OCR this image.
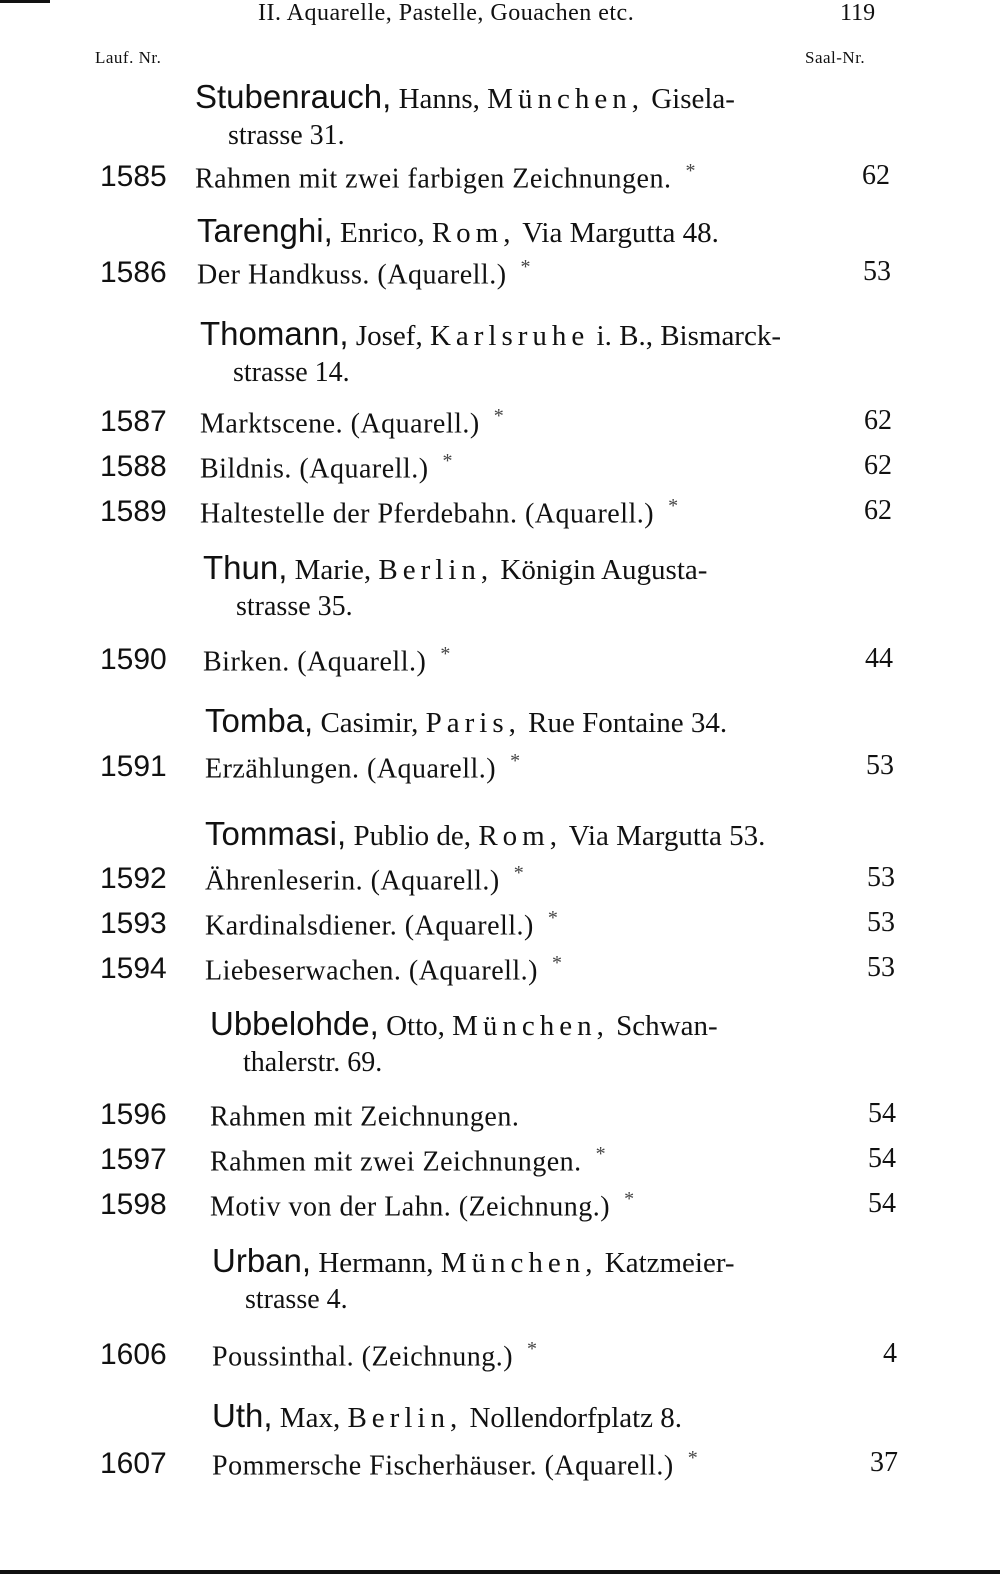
II. Aquarelle, Pastelle, Gouachen etc.	119
Lauf. Nr.	Saal-Nr.
Stubenrauch, Hanns, München, Gisela-
strasse 31.
1585 Rahmen mit zwei farbigen Zeichnungen. *	62
Tarenghi, Enrico, Rom, Via Margutta 48.
1586 Der Handkuss. (Aquarell.) *	53
Thomann, Josef, Karlsruhe i. B., Bismarck-
strasse 14.
1587 Marktscene. (Aquarell.) *	62
1588 Bildnis. (Aquarell.) *	62
1589 Haltestelle der Pferdebahn. (Aquarell.) *	62
Thun, Marie, Berlin, Königin Augusta-
strasse 35.
1590 Birken. (Aquarell.) *	44
Tomba, Casimir, Paris, Rue Fontaine 34.
1591 Erzählungen. (Aquarell.) *	53
Tommasi, Publio de, Rom, Via Margutta 53.
1592 Ährenleserin. (Aquarell.) *	53
1593 Kardinalsdiener. (Aquarell.) *	53
1594 Liebeserwachen. (Aquarell.) *	53
Ubbelohde, Otto, München, Schwan-
thalerstr. 69.
1596 Rahmen mit Zeichnungen.	54
1597 Rahmen mit zwei Zeichnungen. *	54
1598 Motiv von der Lahn. (Zeichnung.) *	54
Urban, Hermann, München, Katzmeier-
strasse 4.
1606 Poussinthal. (Zeichnung.) *	4
Uth, Max, Berlin, Nollendorfplatz 8.
1607 Pommersche Fischerhäuser. (Aquarell.) *	37
